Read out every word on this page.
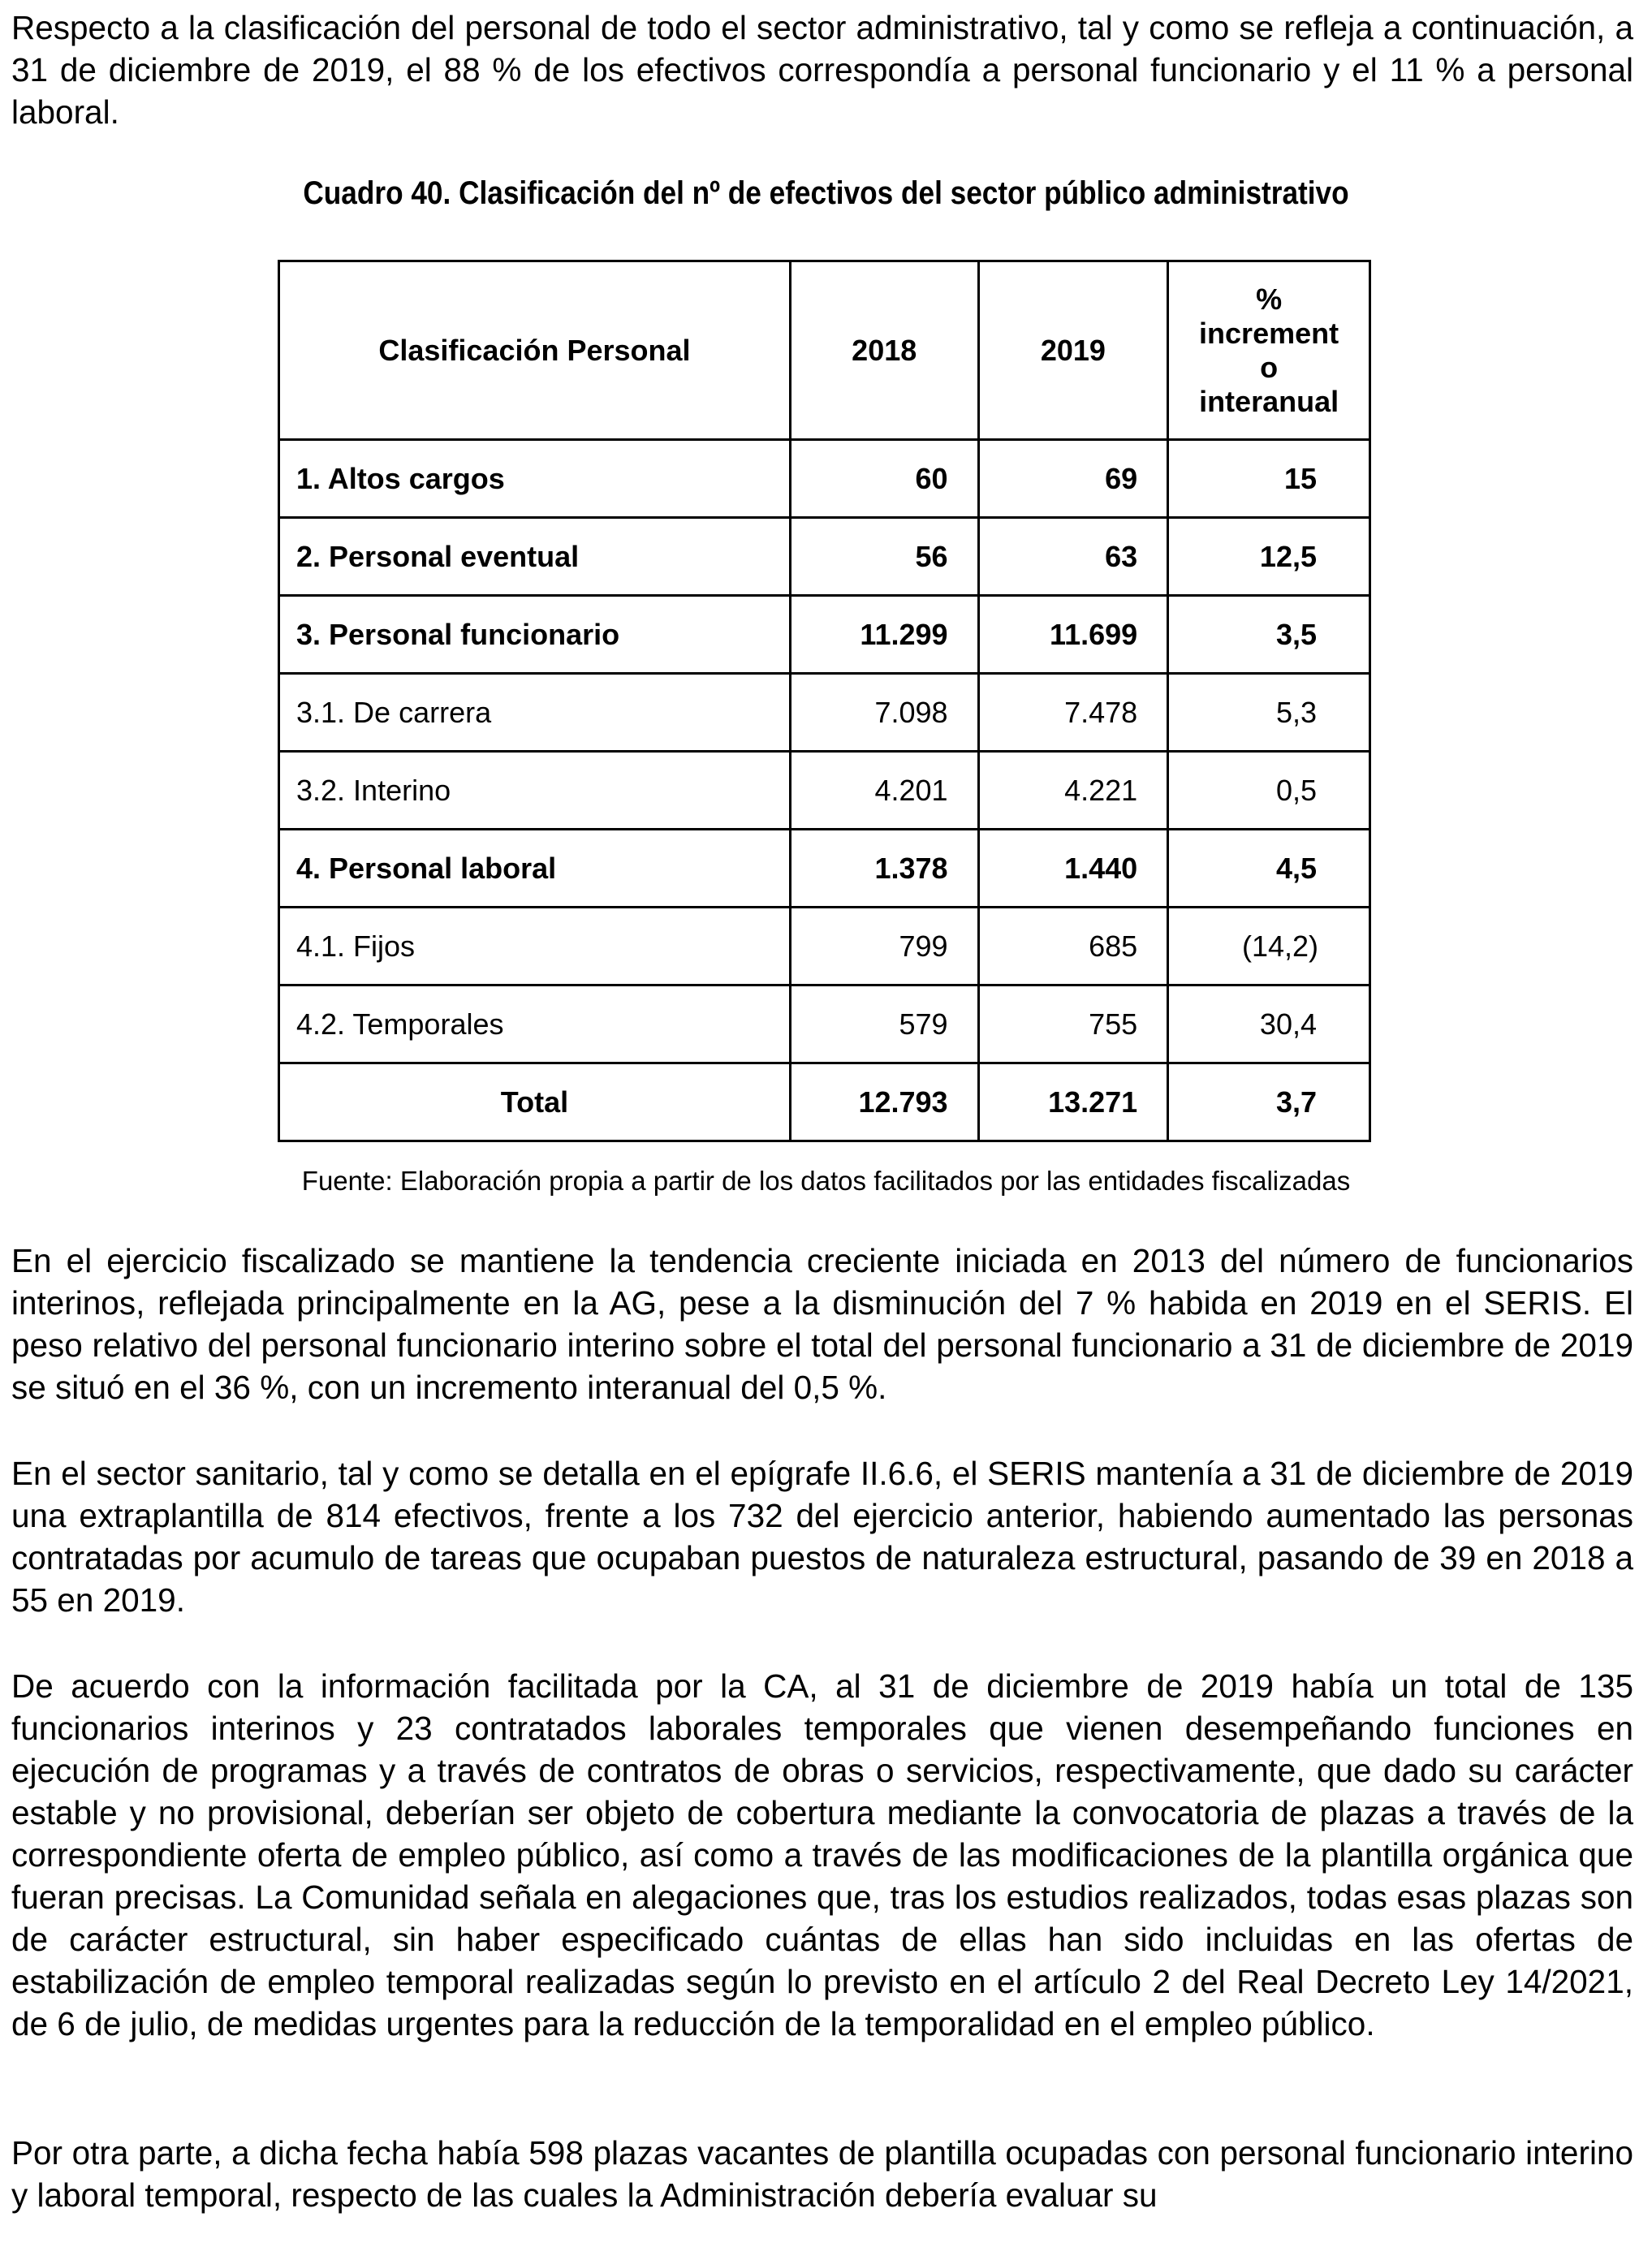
Respecto a la clasificación del personal de todo el sector administrativo, tal y como se refleja a continuación, a 31 de diciembre de 2019, el 88 % de los efectivos correspondía a personal funcionario y el 11 % a personal laboral.

Cuadro 40. Clasificación del nº de efectivos del sector público administrativo

Clasificación Personal	2018	2019	%
increment
o
interanual

1. Altos cargos	60	69	15
2. Personal eventual	56	63	12,5
3. Personal funcionario	11.299	11.699	3,5
3.1. De carrera	7.098	7.478	5,3
3.2. Interino	4.201	4.221	0,5
4. Personal laboral	1.378	1.440	4,5
4.1. Fijos	799	685	(14,2)
4.2. Temporales	579	755	30,4
Total	12.793	13.271	3,7

Fuente: Elaboración propia a partir de los datos facilitados por las entidades fiscalizadas

En el ejercicio fiscalizado se mantiene la tendencia creciente iniciada en 2013 del número de funcionarios interinos, reflejada principalmente en la AG, pese a la disminución del 7 % habida en 2019 en el SERIS. El peso relativo del personal funcionario interino sobre el total del personal funcionario a 31 de diciembre de 2019 se situó en el 36 %, con un incremento interanual del 0,5 %.

En el sector sanitario, tal y como se detalla en el epígrafe II.6.6, el SERIS mantenía a 31 de diciembre de 2019 una extraplantilla de 814 efectivos, frente a los 732 del ejercicio anterior, habiendo aumentado las personas contratadas por acumulo de tareas que ocupaban puestos de naturaleza estructural, pasando de 39 en 2018 a 55 en 2019.

De acuerdo con la información facilitada por la CA, al 31 de diciembre de 2019 había un total de 135 funcionarios interinos y 23 contratados laborales temporales que vienen desempeñando funciones en ejecución de programas y a través de contratos de obras o servicios, respectivamente, que dado su carácter estable y no provisional, deberían ser objeto de cobertura mediante la convocatoria de plazas a través de la correspondiente oferta de empleo público, así como a través de las modificaciones de la plantilla orgánica que fueran precisas. La Comunidad señala en alegaciones que, tras los estudios realizados, todas esas plazas son de carácter estructural, sin haber especificado cuántas de ellas han sido incluidas en las ofertas de estabilización de empleo temporal realizadas según lo previsto en el artículo 2 del Real Decreto Ley 14/2021, de 6 de julio, de medidas urgentes para la reducción de la temporalidad en el empleo público.

Por otra parte, a dicha fecha había 598 plazas vacantes de plantilla ocupadas con personal funcionario interino y laboral temporal, respecto de las cuales la Administración debería evaluar su
